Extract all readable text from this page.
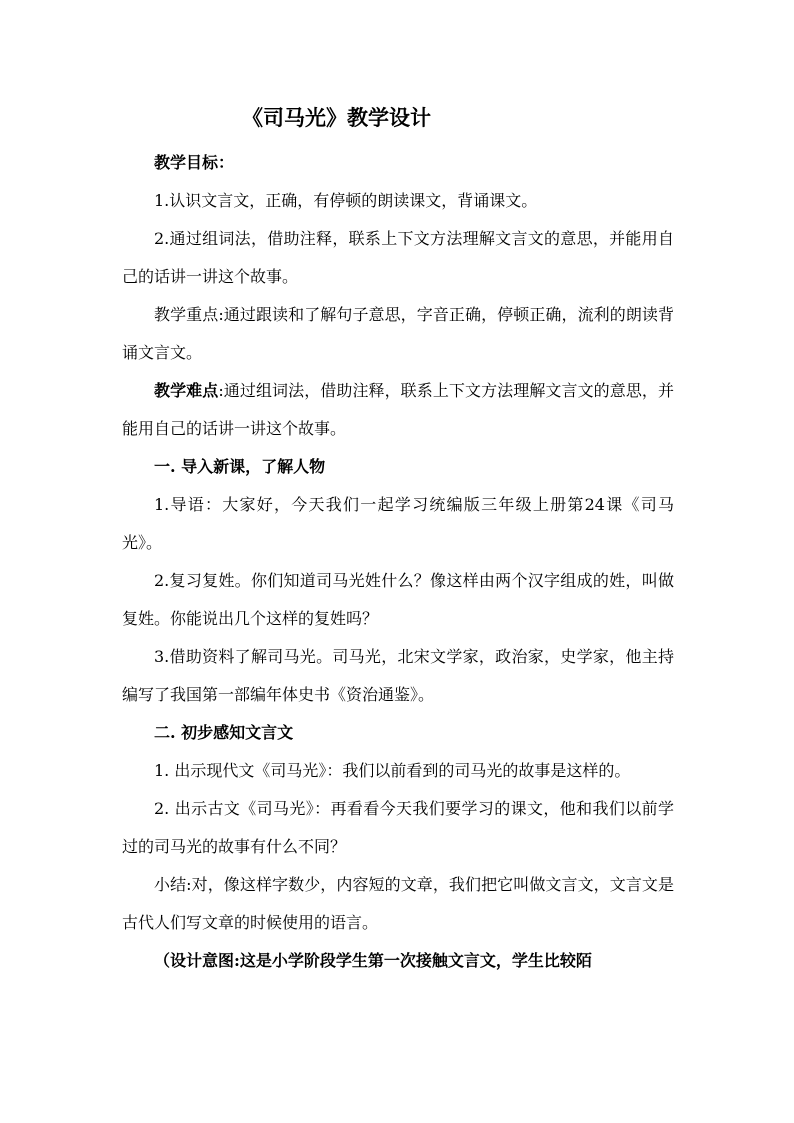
《司马光》教学设计

教学目标：

1.认识文言文，正确，有停顿的朗读课文，背诵课文。

2.通过组词法，借助注释，联系上下文方法理解文言文的意思，并能用自己的话讲一讲这个故事。

教学重点:通过跟读和了解句子意思，字音正确，停顿正确，流利的朗读背诵文言文。

教学难点:通过组词法，借助注释，联系上下文方法理解文言文的意思，并能用自己的话讲一讲这个故事。

一. 导入新课，了解人物

1.导语：大家好，今天我们一起学习统编版三年级上册第24课《司马光》。

2.复习复姓。你们知道司马光姓什么？像这样由两个汉字组成的姓，叫做复姓。你能说出几个这样的复姓吗？

3.借助资料了解司马光。司马光，北宋文学家，政治家，史学家，他主持编写了我国第一部编年体史书《资治通鉴》。

二. 初步感知文言文

1. 出示现代文《司马光》：我们以前看到的司马光的故事是这样的。

2. 出示古文《司马光》：再看看今天我们要学习的课文，他和我们以前学过的司马光的故事有什么不同？

小结:对，像这样字数少，内容短的文章，我们把它叫做文言文，文言文是古代人们写文章的时候使用的语言。

（设计意图:这是小学阶段学生第一次接触文言文，学生比较陌
